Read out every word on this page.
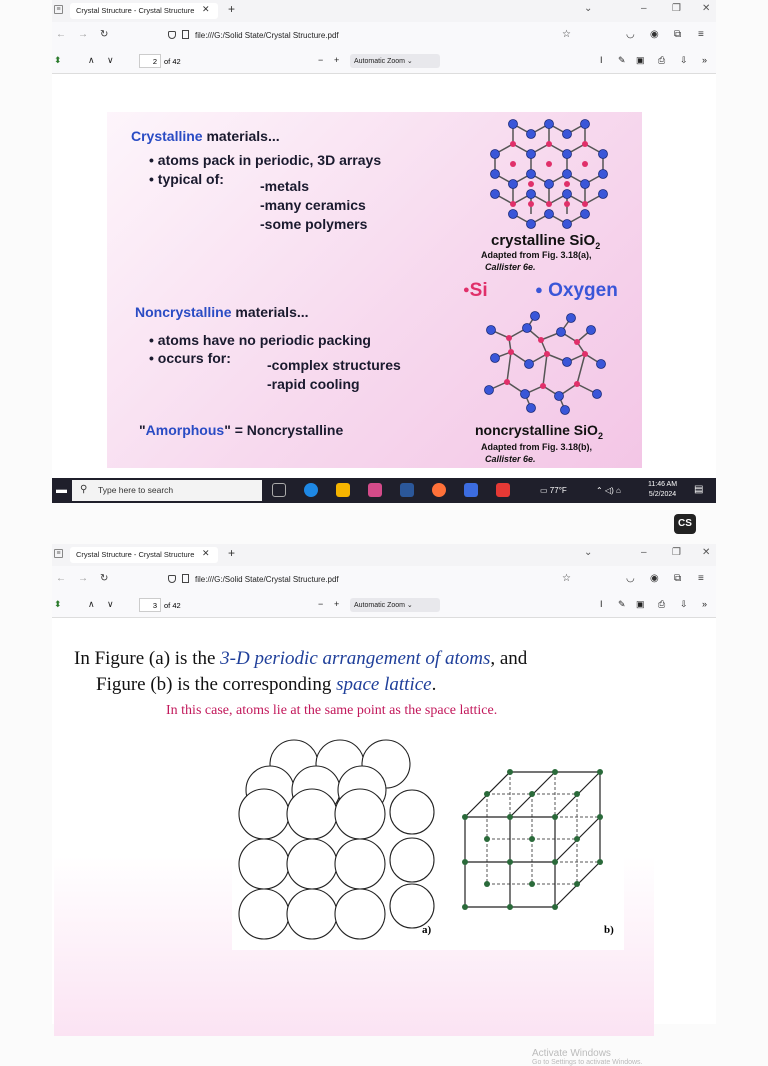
≡	Crystal Structure - Crystal Structure ✕ +	⌄	–	❐ ✕
← → ↻	file:///G:/Solid State/Crystal Structure.pdf	☆	◡ ◉ ⧉ ≡
⬍	∧ ∨	2 of 42	− +	Automatic Zoom ⌄	I ✎ ▣ ⎙ ⇩ »
Crystalline materials...
• atoms pack in periodic, 3D arrays
• typical of:	-metals
-many ceramics
-some polymers
crystalline SiO$_2$
Adapted from Fig. 3.18(a),
Callister 6e.
●Si	● Oxygen
Noncrystalline materials...
• atoms have no periodic packing
• occurs for:	-complex structures
-rapid cooling
"Amorphous" = Noncrystalline	noncrystalline SiO$_2$
Adapted from Fig. 3.18(b),
Callister 6e.
▬ ⚲ Type here to search	▭ 77°F	⌃ ◁) ⌂
11:46 AM
5/2/2024 ▤
CS
≡	Crystal Structure - Crystal Structure ✕ +	⌄	–	❐ ✕
← → ↻	file:///G:/Solid State/Crystal Structure.pdf	☆	◡ ◉ ⧉ ≡
⬍	∧ ∨	3 of 42	− +	Automatic Zoom ⌄	I ✎ ▣ ⎙ ⇩ »
In Figure (a) is the 3-D periodic arrangement of atoms, and
Figure (b) is the corresponding space lattice.
In this case, atoms lie at the same point as the space lattice.
a)	b)
Activate Windows
Go to Settings to activate Windows.
